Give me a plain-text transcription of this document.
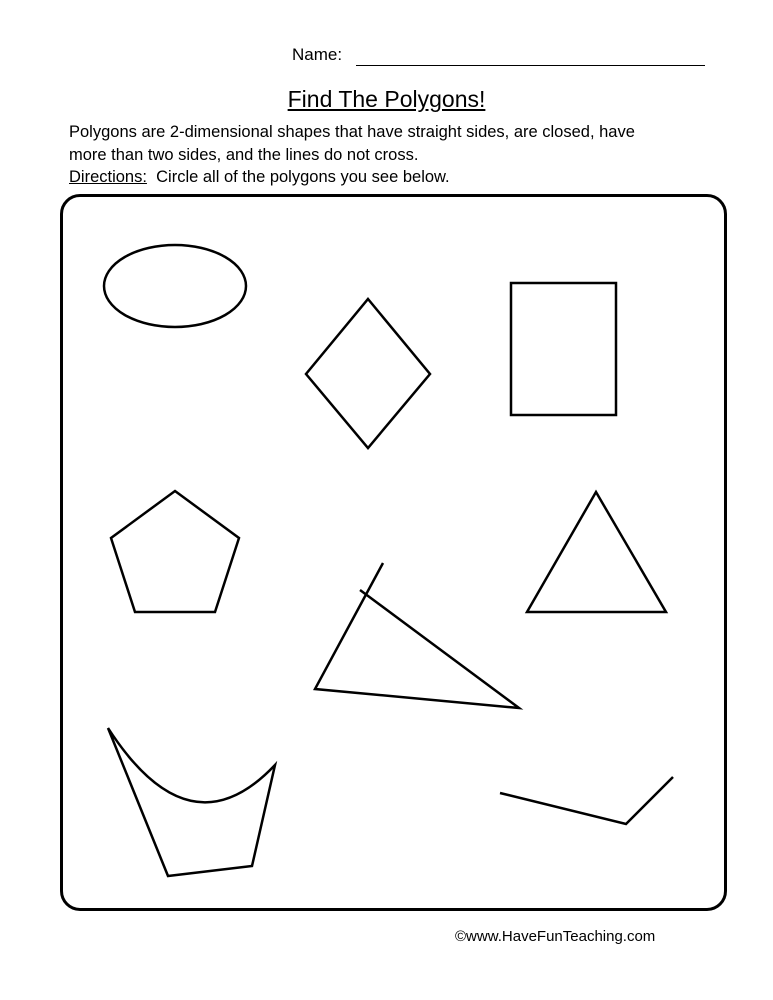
Name:
Find The Polygons!
Polygons are 2-dimensional shapes that have straight sides, are closed, have
more than two sides, and the lines do not cross.
Directions:  Circle all of the polygons you see below.
©www.HaveFunTeaching.com
